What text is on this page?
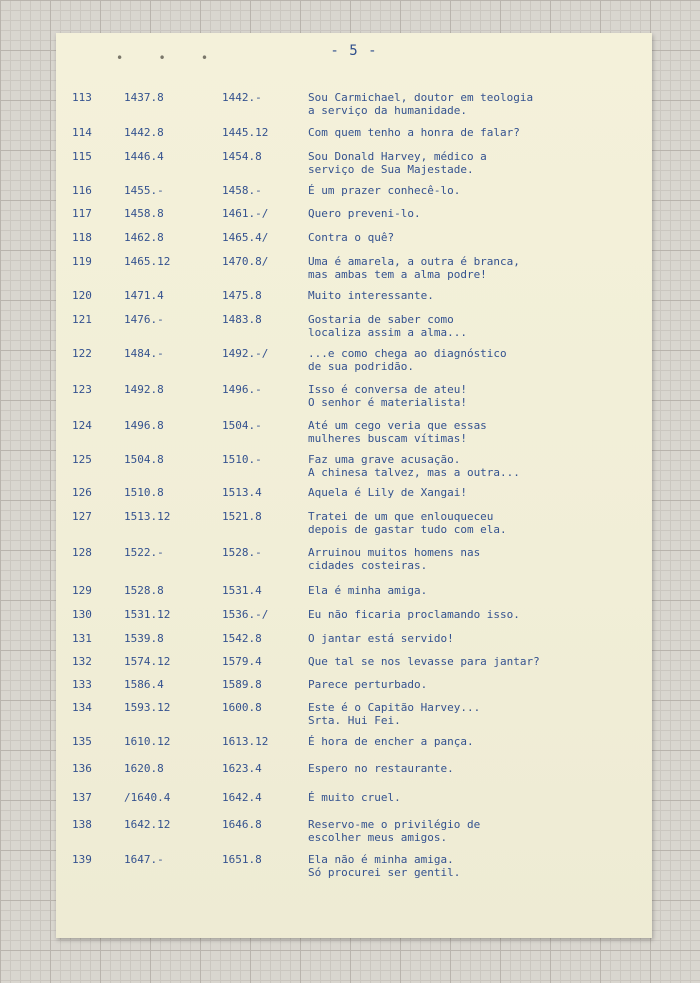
• • •	- 5 -
113	1437.8	1442.-	Sou Carmichael, doutor em teologia
a serviço da humanidade.
114	1442.8	1445.12	Com quem tenho a honra de falar?
115	1446.4	1454.8	Sou Donald Harvey, médico a
serviço de Sua Majestade.
116	1455.-	1458.-	É um prazer conhecê-lo.
117	1458.8	1461.-/	Quero preveni-lo.
118	1462.8	1465.4/	Contra o quê?
119	1465.12	1470.8/	Uma é amarela, a outra é branca,
mas ambas tem a alma podre!
120	1471.4	1475.8	Muito interessante.
121	1476.-	1483.8	Gostaria de saber como
localiza assim a alma...
122	1484.-	1492.-/	...e como chega ao diagnóstico
de sua podridão.
123	1492.8	1496.-	Isso é conversa de ateu!
O senhor é materialista!
124	1496.8	1504.-	Até um cego veria que essas
mulheres buscam vítimas!
125	1504.8	1510.-	Faz uma grave acusação.
A chinesa talvez, mas a outra...
126	1510.8	1513.4	Aquela é Lily de Xangai!
127	1513.12	1521.8	Tratei de um que enlouqueceu
depois de gastar tudo com ela.
128	1522.-	1528.-	Arruinou muitos homens nas
cidades costeiras.
129	1528.8	1531.4	Ela é minha amiga.
130	1531.12	1536.-/	Eu não ficaria proclamando isso.
131	1539.8	1542.8	O jantar está servido!
132	1574.12	1579.4	Que tal se nos levasse para jantar?
133	1586.4	1589.8	Parece perturbado.
134	1593.12	1600.8	Este é o Capitão Harvey...
Srta. Hui Fei.
135	1610.12	1613.12	É hora de encher a pança.
136	1620.8	1623.4	Espero no restaurante.
137	/1640.4	1642.4	É muito cruel.
138	1642.12	1646.8	Reservo-me o privilégio de
escolher meus amigos.
139	1647.-	1651.8	Ela não é minha amiga.
Só procurei ser gentil.
